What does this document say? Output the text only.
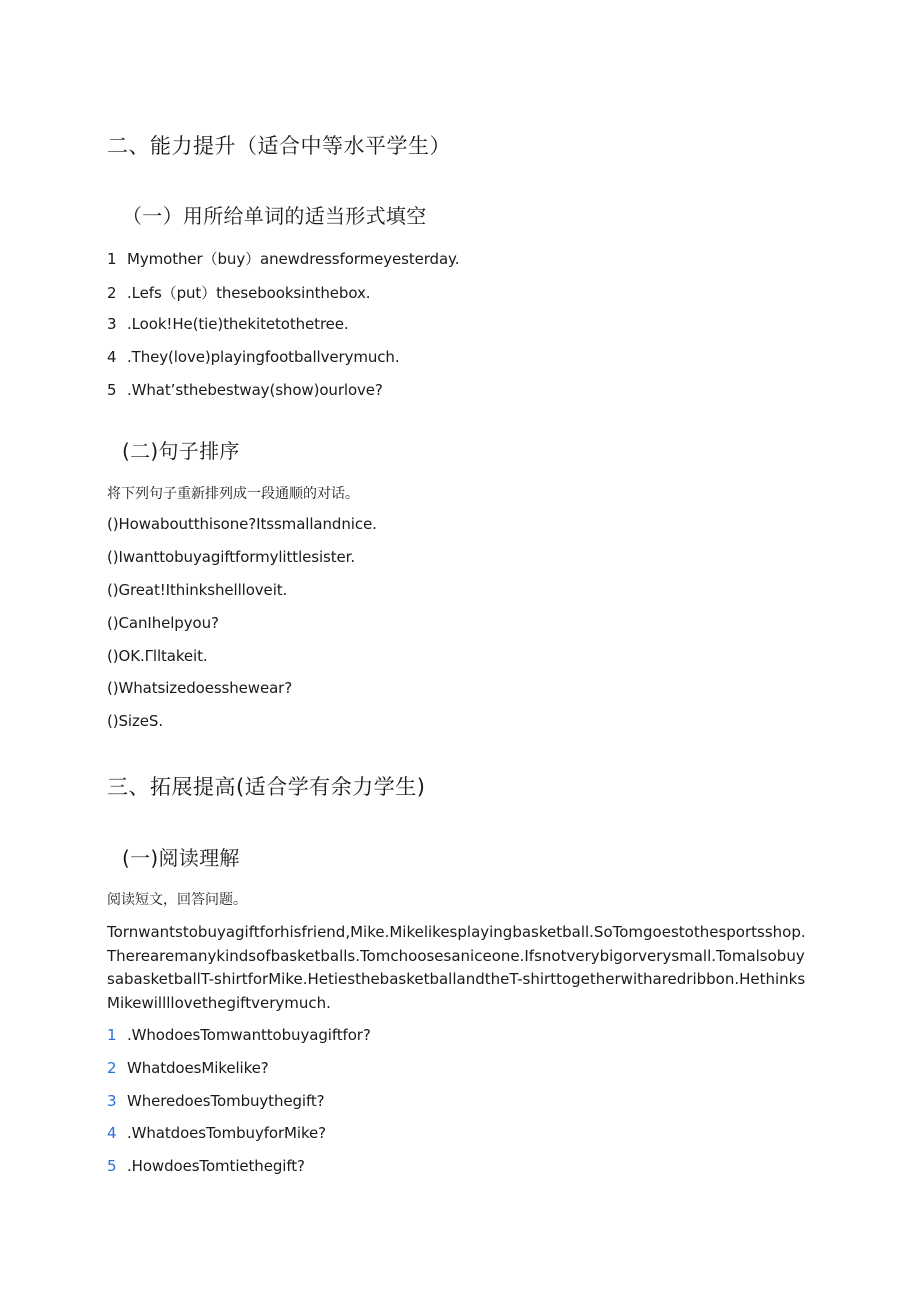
二、能力提升（适合中等水平学生）
（一）用所给单词的适当形式填空
1 Mymother（buy）anewdressformeyesterday.
2 .Lefs（put）thesebooksinthebox.
3 .Look!He(tie)thekitetothetree.
4 .They(love)playingfootballverymuch.
5 .What’sthebestway(show)ourlove?
(二)句子排序
将下列句子重新排列成一段通顺的对话。
()Howaboutthisone?Itssmallandnice.
()Iwanttobuyagiftformylittlesister.
()Great!Ithinkshellloveit.
()CanIhelpyou?
()OK.Γlltakeit.
()Whatsizedoesshewear?
()SizeS.
三、拓展提高(适合学有余力学生)
(一)阅读理解
阅读短文，回答问题。
Tornwantstobuyagiftforhisfriend,Mike.Mikelikesplayingbasketball.SoTomgoestothesportsshop.Therearemanykindsofbasketballs.Tomchoosesaniceone.Ifsnotverybigorverysmall.TomalsobuysabasketballT-shirtforMike.HetiesthebasketballandtheT-shirttogetherwitharedribbon.HethinksMikewillllovethegiftverymuch.
1 .WhodoesTomwanttobuyagiftfor?
2 WhatdoesMikelike?
3 WheredoesTombuythegift?
4 .WhatdoesTombuyforMike?
5 .HowdoesTomtiethegift?
